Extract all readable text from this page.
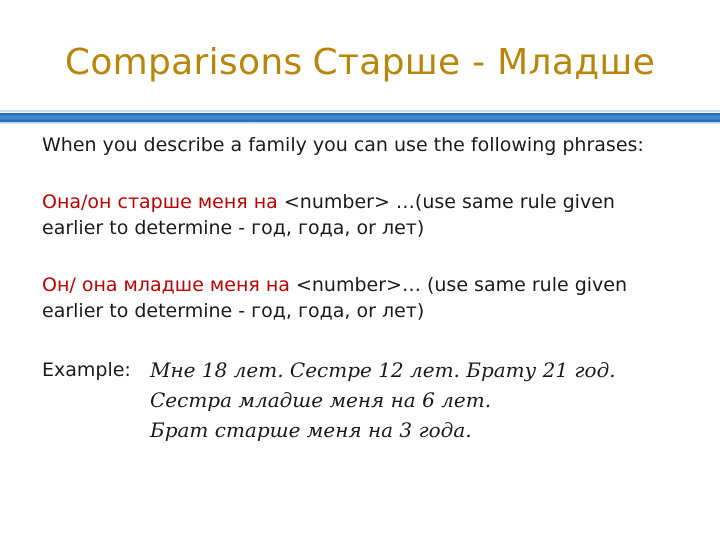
Comparisons Старше - Младше

When you describe a family you can use the following phrases:

Она/он старше меня на <number> …(use same rule given
earlier to determine - год, года, or лет)

Он/ она младше меня на <number>… (use same rule given
earlier to determine - год, года, or лет)

Example: Мне 18 лет. Сестре 12 лет. Брату 21 год.
Сестра младше меня на 6 лет.
Брат старше меня на 3 года.
